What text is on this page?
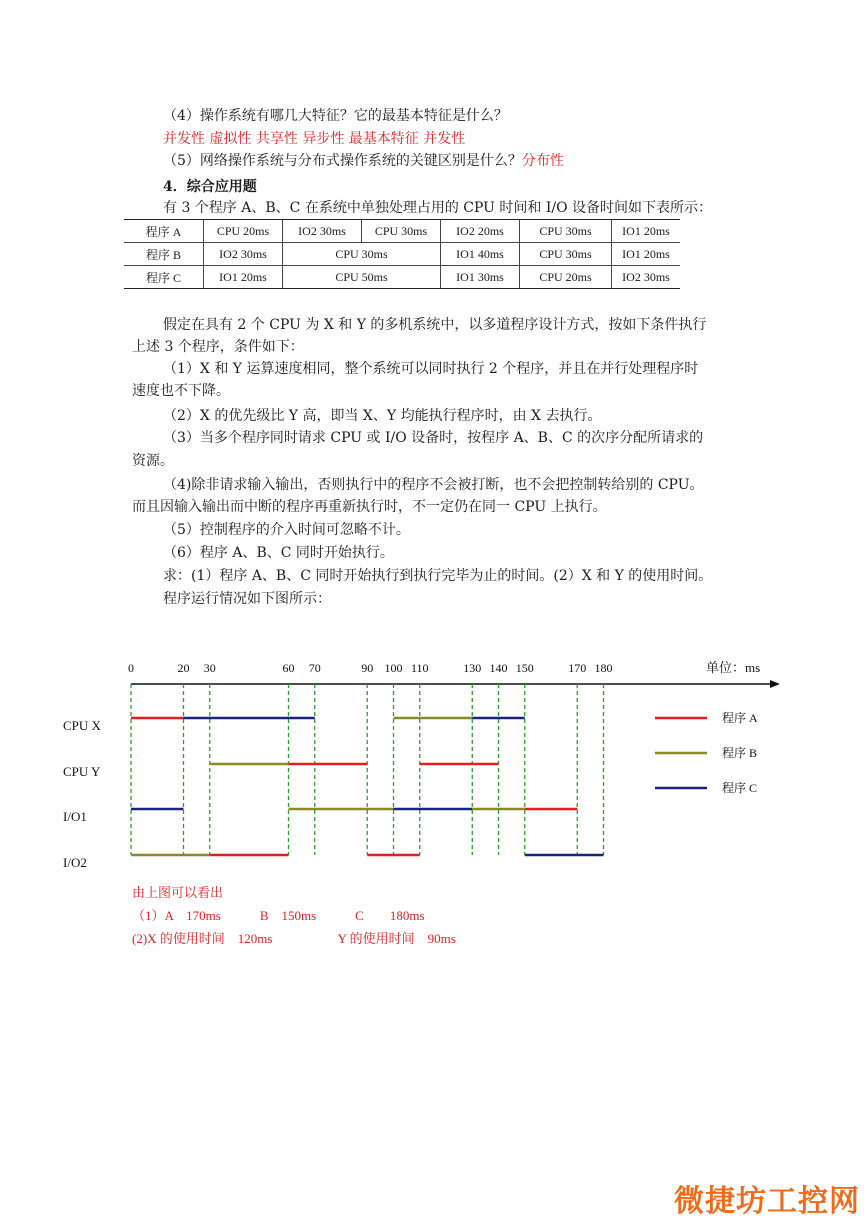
（4）操作系统有哪几大特征？它的最基本特征是什么？
并发性 虚拟性 共享性 异步性 最基本特征 并发性
（5）网络操作系统与分布式操作系统的关键区别是什么？分布性
4．综合应用题
有 3 个程序 A、B、C 在系统中单独处理占用的 CPU 时间和 I/O 设备时间如下表所示：
程序 A	CPU 20ms	IO2 30ms	CPU 30ms	IO2 20ms	CPU 30ms	IO1 20ms
程序 B	IO2 30ms	CPU 30ms		IO1 40ms	CPU 30ms	IO1 20ms
程序 C	IO1 20ms	CPU 50ms		IO1 30ms	CPU 20ms	IO2 30ms
假定在具有 2 个 CPU 为 X 和 Y 的多机系统中，以多道程序设计方式，按如下条件执行
上述 3 个程序，条件如下：
（1）X 和 Y 运算速度相同，整个系统可以同时执行 2 个程序，并且在并行处理程序时
速度也不下降。
（2）X 的优先级比 Y 高，即当 X、Y 均能执行程序时，由 X 去执行。
（3）当多个程序同时请求 CPU 或 I/O 设备时，按程序 A、B、C 的次序分配所请求的
资源。
（4)除非请求输入输出，否则执行中的程序不会被打断，也不会把控制转给别的 CPU。
而且因输入输出而中断的程序再重新执行时，不一定仍在同一 CPU 上执行。
（5）控制程序的介入时间可忽略不计。
（6）程序 A、B、C 同时开始执行。
求：(1）程序 A、B、C 同时开始执行到执行完毕为止的时间。(2）X 和 Y 的使用时间。
程序运行情况如下图所示：
单位：ms
0	20 30	60 70	90 100 110	130 140 150	170 180
CPU X
CPU Y
I/O1
I/O2
程序 A
程序 B
程序 C
由上图可以看出
（1）A　170ms　　　B　150ms　　　C　　180ms
(2)X 的使用时间　120ms　　　　　Y 的使用时间　90ms
微捷坊工控网
